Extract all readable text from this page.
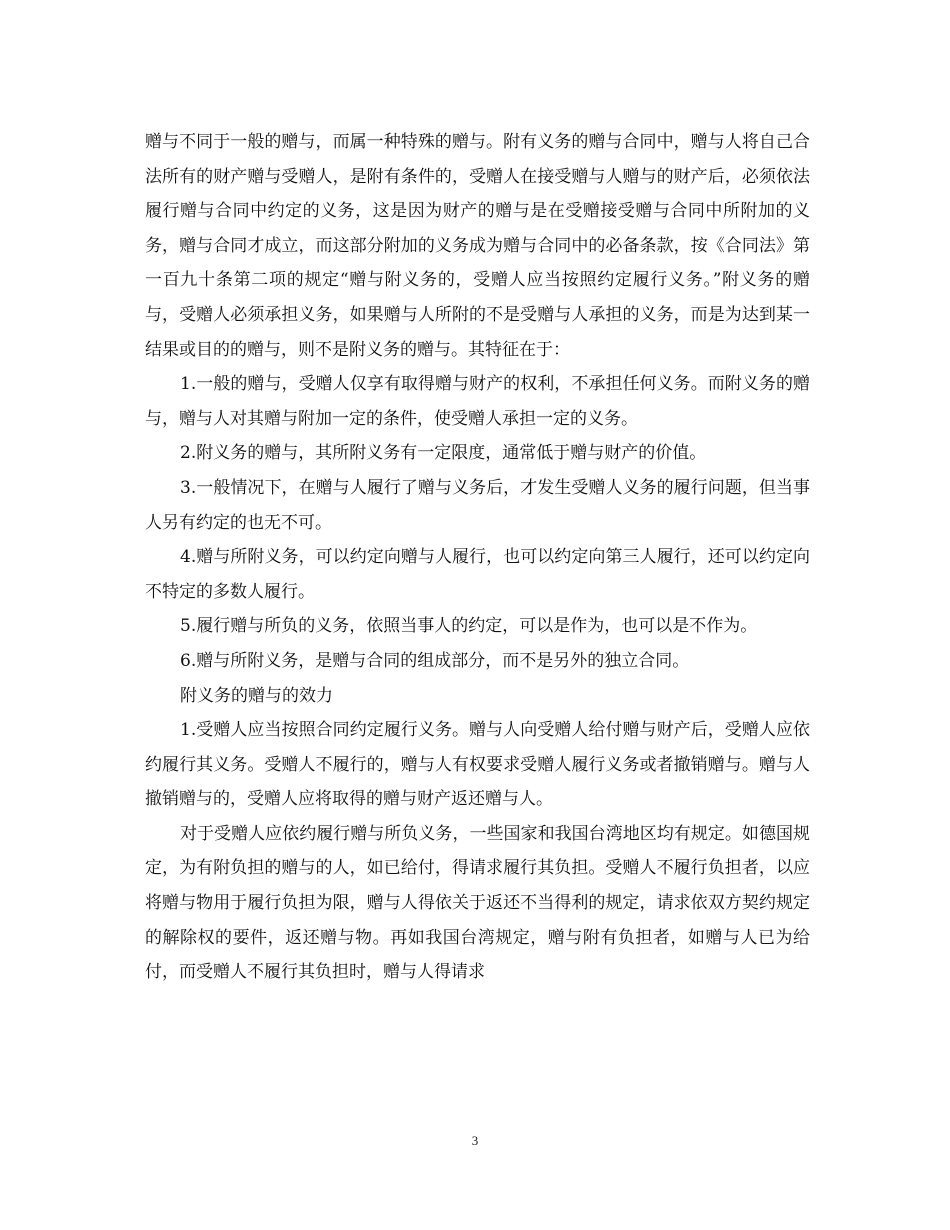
赠与不同于一般的赠与，而属一种特殊的赠与。附有义务的赠与合同中，赠与人将自己合法所有的财产赠与受赠人，是附有条件的，受赠人在接受赠与人赠与的财产后，必须依法履行赠与合同中约定的义务，这是因为财产的赠与是在受赠接受赠与合同中所附加的义务，赠与合同才成立，而这部分附加的义务成为赠与合同中的必备条款，按《合同法》第一百九十条第二项的规定“赠与附义务的，受赠人应当按照约定履行义务。”附义务的赠与，受赠人必须承担义务，如果赠与人所附的不是受赠与人承担的义务，而是为达到某一结果或目的的赠与，则不是附义务的赠与。其特征在于：

1.一般的赠与，受赠人仅享有取得赠与财产的权利，不承担任何义务。而附义务的赠与，赠与人对其赠与附加一定的条件，使受赠人承担一定的义务。

2.附义务的赠与，其所附义务有一定限度，通常低于赠与财产的价值。

3.一般情况下，在赠与人履行了赠与义务后，才发生受赠人义务的履行问题，但当事人另有约定的也无不可。

4.赠与所附义务，可以约定向赠与人履行，也可以约定向第三人履行，还可以约定向不特定的多数人履行。

5.履行赠与所负的义务，依照当事人的约定，可以是作为，也可以是不作为。

6.赠与所附义务，是赠与合同的组成部分，而不是另外的独立合同。

附义务的赠与的效力

1.受赠人应当按照合同约定履行义务。赠与人向受赠人给付赠与财产后，受赠人应依约履行其义务。受赠人不履行的，赠与人有权要求受赠人履行义务或者撤销赠与。赠与人撤销赠与的，受赠人应将取得的赠与财产返还赠与人。

对于受赠人应依约履行赠与所负义务，一些国家和我国台湾地区均有规定。如德国规定，为有附负担的赠与的人，如已给付，得请求履行其负担。受赠人不履行负担者，以应将赠与物用于履行负担为限，赠与人得依关于返还不当得利的规定，请求依双方契约规定的解除权的要件，返还赠与物。再如我国台湾规定，赠与附有负担者，如赠与人已为给付，而受赠人不履行其负担时，赠与人得请求

3
